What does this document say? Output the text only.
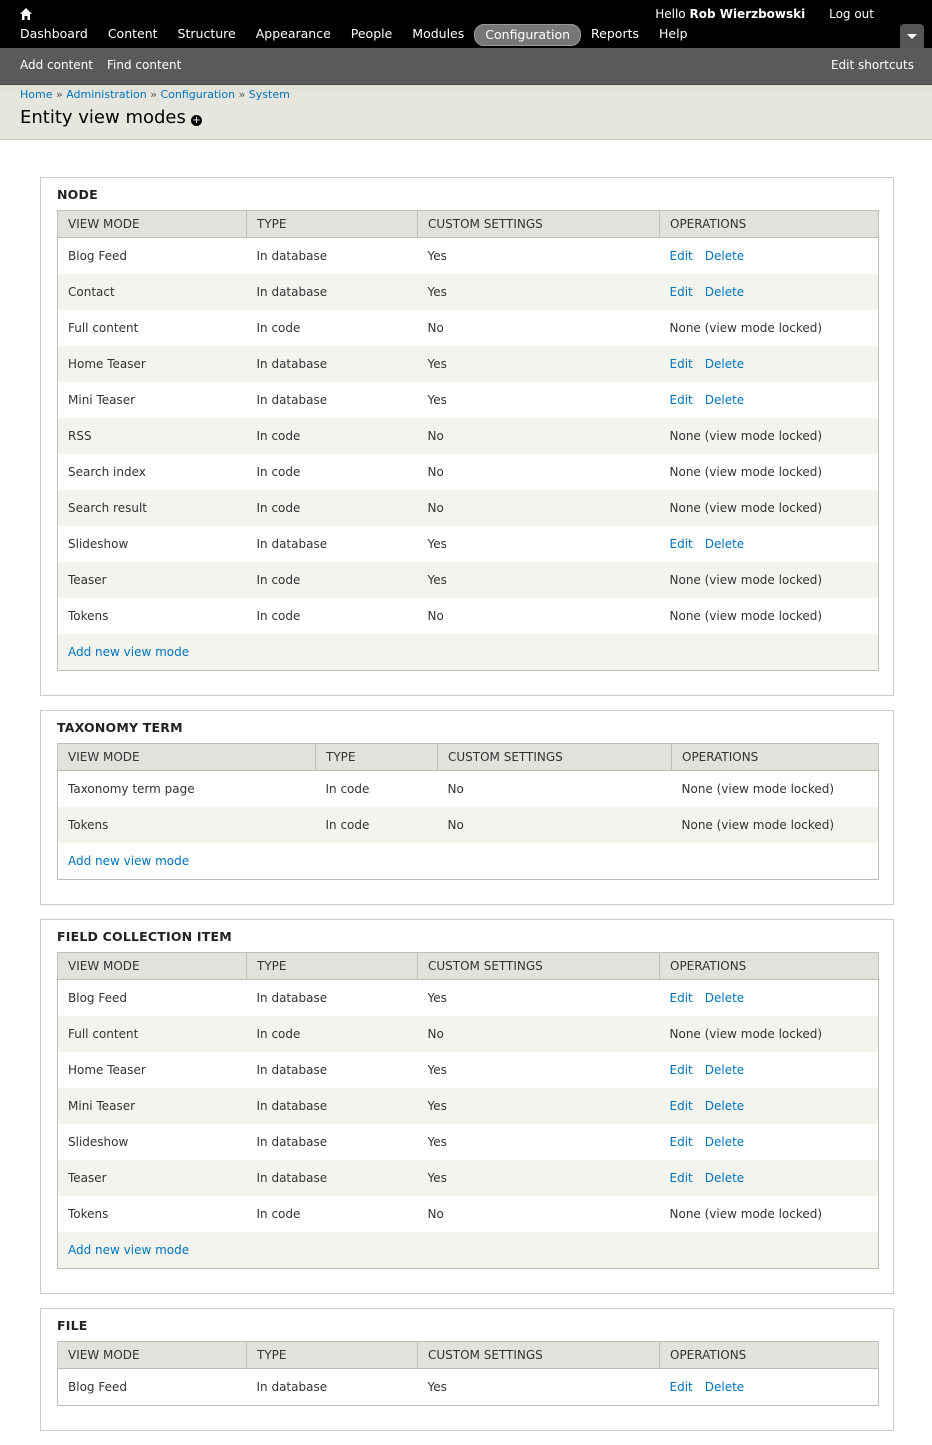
Hello Rob Wierzbowski Log out
Dashboard	Content	Structure	Appearance	People	Modules	Configuration	Reports	Help
Add content Find content	Edit shortcuts
Home » Administration » Configuration » System
Entity view modes +
NODE
VIEW MODE	TYPE	CUSTOM SETTINGS	OPERATIONS
Blog Feed	In database	Yes	Edit Delete
Contact	In database	Yes	Edit Delete
Full content	In code	No	None (view mode locked)
Home Teaser	In database	Yes	Edit Delete
Mini Teaser	In database	Yes	Edit Delete
RSS	In code	No	None (view mode locked)
Search index	In code	No	None (view mode locked)
Search result	In code	No	None (view mode locked)
Slideshow	In database	Yes	Edit Delete
Teaser	In code	Yes	None (view mode locked)
Tokens	In code	No	None (view mode locked)
Add new view mode			
TAXONOMY TERM
VIEW MODE	TYPE	CUSTOM SETTINGS	OPERATIONS
Taxonomy term page	In code	No	None (view mode locked)
Tokens	In code	No	None (view mode locked)
Add new view mode			
FIELD COLLECTION ITEM
VIEW MODE	TYPE	CUSTOM SETTINGS	OPERATIONS
Blog Feed	In database	Yes	Edit Delete
Full content	In code	No	None (view mode locked)
Home Teaser	In database	Yes	Edit Delete
Mini Teaser	In database	Yes	Edit Delete
Slideshow	In database	Yes	Edit Delete
Teaser	In database	Yes	Edit Delete
Tokens	In code	No	None (view mode locked)
Add new view mode			
FILE
VIEW MODE	TYPE	CUSTOM SETTINGS	OPERATIONS
Blog Feed	In database	Yes	Edit Delete
